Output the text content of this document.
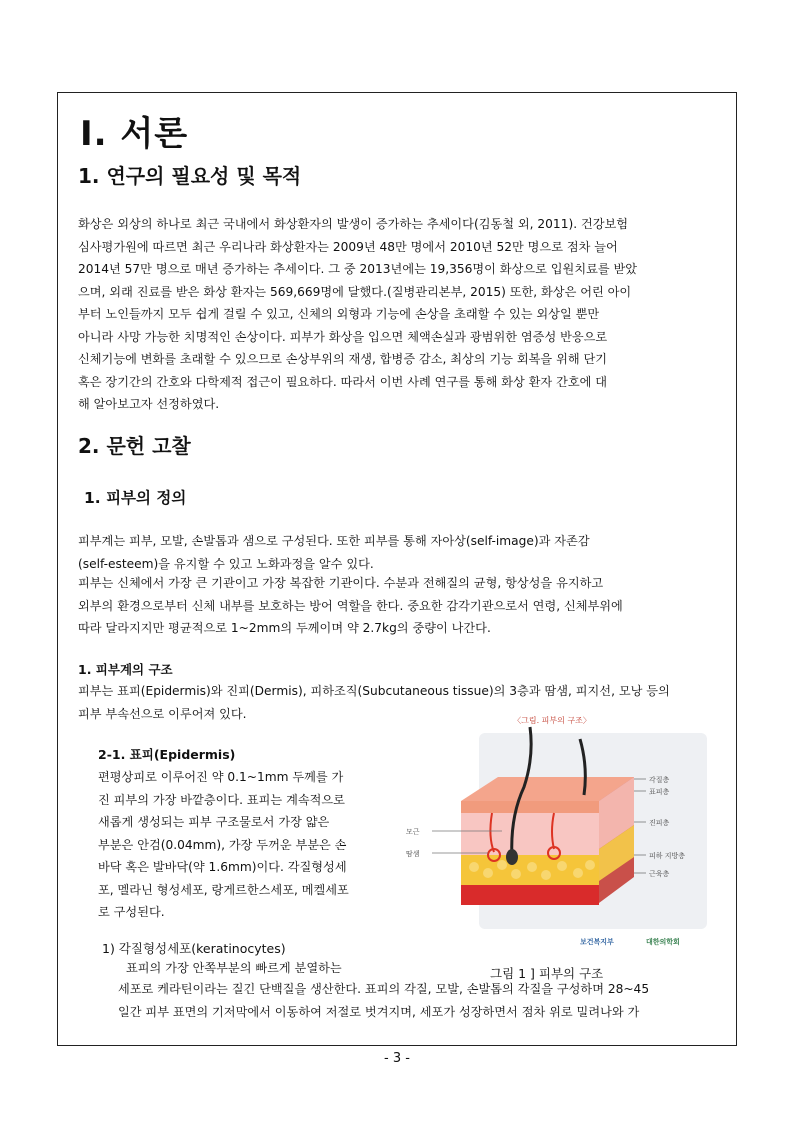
Ⅰ. 서론
1. 연구의 필요성 및 목적
화상은 외상의 하나로 최근 국내에서 화상환자의 발생이 증가하는 추세이다(김동철 외, 2011). 건강보험
심사평가원에 따르면 최근 우리나라 화상환자는 2009년 48만 명에서 2010년 52만 명으로 점차 늘어
2014년 57만 명으로 매년 증가하는 추세이다. 그 중 2013년에는 19,356명이 화상으로 입원치료를 받았
으며, 외래 진료를 받은 화상 환자는 569,669명에 달했다.(질병관리본부, 2015) 또한, 화상은 어린 아이
부터 노인들까지 모두 쉽게 걸릴 수 있고, 신체의 외형과 기능에 손상을 초래할 수 있는 외상일 뿐만
아니라 사망 가능한 치명적인 손상이다. 피부가 화상을 입으면 체액손실과 광범위한 염증성 반응으로
신체기능에 변화를 초래할 수 있으므로 손상부위의 재생, 합병증 감소, 최상의 기능 회복을 위해 단기
혹은 장기간의 간호와 다학제적 접근이 필요하다. 따라서 이번 사례 연구를 통해 화상 환자 간호에 대
해 알아보고자 선정하였다.
2. 문헌 고찰
1. 피부의 정의
피부계는 피부, 모발, 손발톱과 샘으로 구성된다. 또한 피부를 통해 자아상(self-image)과 자존감
(self-esteem)을 유지할 수 있고 노화과정을 알수 있다.
피부는 신체에서 가장 큰 기관이고 가장 복잡한 기관이다. 수분과 전해질의 균형, 항상성을 유지하고
외부의 환경으로부터 신체 내부를 보호하는 방어 역할을 한다. 중요한 감각기관으로서 연령, 신체부위에
따라 달라지지만 평균적으로 1~2mm의 두께이며 약 2.7kg의 중량이 나간다.
1. 피부계의 구조
피부는 표피(Epidermis)와 진피(Dermis), 피하조직(Subcutaneous tissue)의 3층과 땀샘, 피지선, 모낭 등의
피부 부속선으로 이루어져 있다.
2-1. 표피(Epidermis)
편평상피로 이루어진 약 0.1~1mm 두께를 가
진 피부의 가장 바깥층이다. 표피는 계속적으로
새롭게 생성되는 피부 구조물로서 가장 얇은
부분은 안검(0.04mm), 가장 두꺼운 부분은 손
바닥 혹은 발바닥(약 1.6mm)이다. 각질형성세
포, 멜라닌 형성세포, 랑게르한스세포, 메켈세포
로 구성된다.
〈그림. 피부의 구조〉
모근
땀샘
각질층
표피층
진피층
피하 지방층
근육층
보건복지부	대한의학회
1) 각질형성세포(keratinocytes)
표피의 가장 안쪽부분의 빠르게 분열하는	그림 1 ] 피부의 구조
세포로 케라틴이라는 질긴 단백질을 생산한다. 표피의 각질, 모발, 손발톱의 각질을 구성하며 28~45
일간 피부 표면의 기저막에서 이동하여 저절로 벗겨지며, 세포가 성장하면서 점차 위로 밀려나와 가
- 3 -
